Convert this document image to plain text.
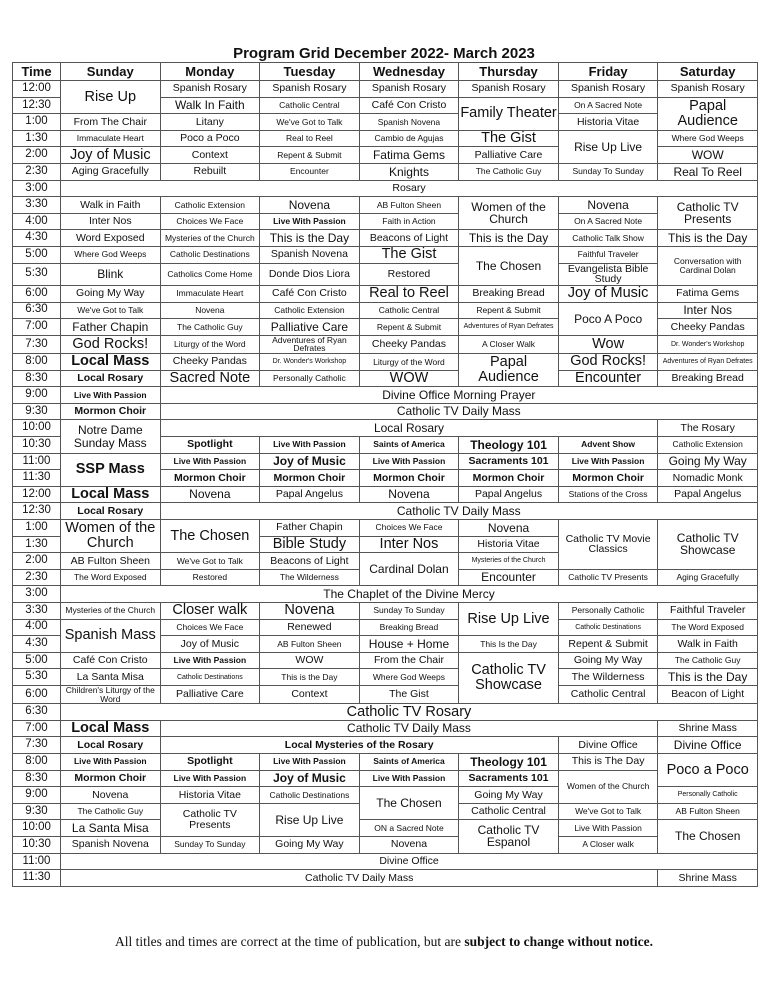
Program Grid December 2022- March 2023
Time	Sunday	Monday	Tuesday	Wednesday	Thursday	Friday	Saturday
12:00	Rise Up	Spanish Rosary	Spanish Rosary	Spanish Rosary	Spanish Rosary	Spanish Rosary	Spanish Rosary
12:30		Walk In Faith	Catholic Central	Café Con Cristo	Family Theater	On A Sacred Note	Papal Audience
1:00	From The Chair	Litany	We've Got to Talk	Spanish Novena		Historia Vitae	
1:30	Immaculate Heart	Poco a Poco	Real to Reel	Cambio de Agujas	The Gist	Rise Up Live	Where God Weeps
2:00	Joy of Music	Context	Repent & Submit	Fatima Gems	Palliative Care		WOW
2:30	Aging Gracefully	Rebuilt	Encounter	Knights	The Catholic Guy	Sunday To Sunday	Real To Reel
3:00	Rosary						
3:30	Walk in Faith	Catholic Extension	Novena	AB Fulton Sheen	Women of the Church	Novena	Catholic TV Presents
4:00	Inter Nos	Choices We Face	Live With Passion	Faith in Action		On A Sacred Note	
4:30	Word Exposed	Mysteries of the Church	This is the Day	Beacons of Light	This is the Day	Catholic Talk Show	This is the Day
5:00	Where God Weeps	Catholic Destinations	Spanish Novena	The Gist	The Chosen	Faithful Traveler	Conversation with Cardinal Dolan
5:30	Blink	Catholics Come Home	Donde Dios Liora	Restored		Evangelista Bible Study	
6:00	Going My Way	Immaculate Heart	Café Con Cristo	Real to Reel	Breaking Bread	Joy of Music	Fatima Gems
6:30	We've Got to Talk	Novena	Catholic Extension	Catholic Central	Repent & Submit	Poco A Poco	Inter Nos
7:00	Father Chapin	The Catholic Guy	Palliative Care	Repent & Submit	Adventures of Ryan Defrates		Cheeky Pandas
7:30	God Rocks!	Liturgy of the Word	Adventures of Ryan Defrates	Cheeky Pandas	A Closer Walk	Wow	Dr. Wonder's Workshop
8:00	Local Mass	Cheeky Pandas	Dr. Wonder's Workshop	Liturgy of the Word	Papal Audience	God Rocks!	Adventures of Ryan Defrates
8:30	Local Rosary	Sacred Note	Personally Catholic	WOW		Encounter	Breaking Bread
9:00	Live With Passion	Divine Office Morning Prayer					
9:30	Mormon Choir	Catholic TV Daily Mass					
10:00	Notre Dame Sunday Mass	Local Rosary					The Rosary
10:30		Spotlight	Live With Passion	Saints of America	Theology 101	Advent Show	Catholic Extension
11:00	SSP Mass	Live With Passion	Joy of Music	Live With Passion	Sacraments 101	Live With Passion	Going My Way
11:30		Mormon Choir	Mormon Choir	Mormon Choir	Mormon Choir	Mormon Choir	Nomadic Monk
12:00	Local Mass	Novena	Papal Angelus	Novena	Papal Angelus	Stations of the Cross	Papal Angelus
12:30	Local Rosary	Catholic TV Daily Mass					
1:00	Women of the Church	The Chosen	Father Chapin	Choices We Face	Novena	Catholic TV Movie Classics	Catholic TV Showcase
1:30			Bible Study	Inter Nos	Historia Vitae		
2:00	AB Fulton Sheen	We've Got to Talk	Beacons of Light	Cardinal Dolan	Mysteries of the Church		
2:30	The Word Exposed	Restored	The Wilderness		Encounter	Catholic TV Presents	Aging Gracefully
3:00	The Chaplet of the Divine Mercy						
3:30	Mysteries of the Church	Closer walk	Novena	Sunday To Sunday	Rise Up Live	Personally Catholic	Faithful Traveler
4:00	Spanish Mass	Choices We Face	Renewed	Breaking Bread		Catholic Destinations	The Word Exposed
4:30		Joy of Music	AB Fulton Sheen	House + Home	This Is the Day	Repent & Submit	Walk in Faith
5:00	Café Con Cristo	Live With Passion	WOW	From the Chair	Catholic TV Showcase	Going My Way	The Catholic Guy
5:30	La Santa Misa	Catholic Destinations	This is the Day	Where God Weeps		The Wilderness	This is the Day
6:00	Children's Liturgy of the Word	Palliative Care	Context	The Gist		Catholic Central	Beacon of Light
6:30	Catholic TV Rosary						
7:00	Local Mass	Catholic TV Daily Mass					Shrine Mass
7:30	Local Rosary	Local Mysteries of the Rosary				Divine Office	Divine Office
8:00	Live With Passion	Spotlight	Live With Passion	Saints of America	Theology 101	This is The Day	Poco a Poco
8:30	Mormon Choir	Live With Passion	Joy of Music	Live With Passion	Sacraments 101	Women of the Church	
9:00	Novena	Historia Vitae	Catholic Destinations	The Chosen	Going My Way		Personally Catholic
9:30	The Catholic Guy	Catholic TV Presents	Rise Up Live		Catholic Central	We've Got to Talk	AB Fulton Sheen
10:00	La Santa Misa			ON a Sacred Note	Catholic TV Espanol	Live With Passion	The Chosen
10:30	Spanish Novena	Sunday To Sunday	Going My Way	Novena		A Closer walk	
11:00	Divine Office						
11:30	Catholic TV Daily Mass						Shrine Mass
All titles and times are correct at the time of publication, but are subject to change without notice.
